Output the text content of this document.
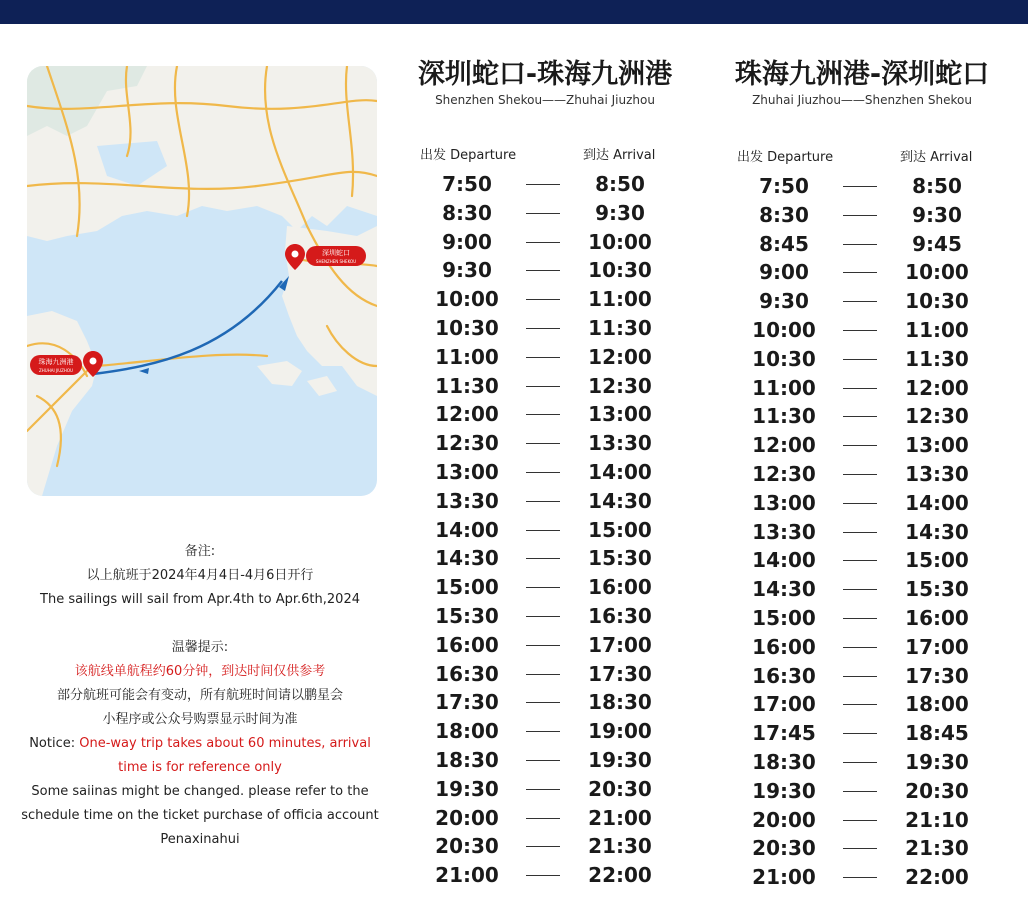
深圳蛇口
SHENZHEN SHEKOU
珠海九洲港
ZHUHAI JIUZHOU
备注:
以上航班于2024年4月4日-4月6日开行
The sailings will sail from Apr.4th to Apr.6th,2024
温馨提示:
该航线单航程约60分钟，到达时间仅供参考
部分航班可能会有变动，所有航班时间请以鹏星会
小程序或公众号购票显示时间为准
Notice: One-way trip takes about 60 minutes, arrival
time is for reference only
Some saiinas might be changed. please refer to the
schedule time on the ticket purchase of officia account
Penaxinahui
深圳蛇口-珠海九洲港
Shenzhen Shekou——Zhuhai Jiuzhou
出发 Departure	到达 Arrival
7:50	8:50
8:30	9:30
9:00	10:00
9:30	10:30
10:00	11:00
10:30	11:30
11:00	12:00
11:30	12:30
12:00	13:00
12:30	13:30
13:00	14:00
13:30	14:30
14:00	15:00
14:30	15:30
15:00	16:00
15:30	16:30
16:00	17:00
16:30	17:30
17:30	18:30
18:00	19:00
18:30	19:30
19:30	20:30
20:00	21:00
20:30	21:30
21:00	22:00
珠海九洲港-深圳蛇口
Zhuhai Jiuzhou——Shenzhen Shekou
出发 Departure	到达 Arrival
7:50	8:50
8:30	9:30
8:45	9:45
9:00	10:00
9:30	10:30
10:00	11:00
10:30	11:30
11:00	12:00
11:30	12:30
12:00	13:00
12:30	13:30
13:00	14:00
13:30	14:30
14:00	15:00
14:30	15:30
15:00	16:00
16:00	17:00
16:30	17:30
17:00	18:00
17:45	18:45
18:30	19:30
19:30	20:30
20:00	21:10
20:30	21:30
21:00	22:00
